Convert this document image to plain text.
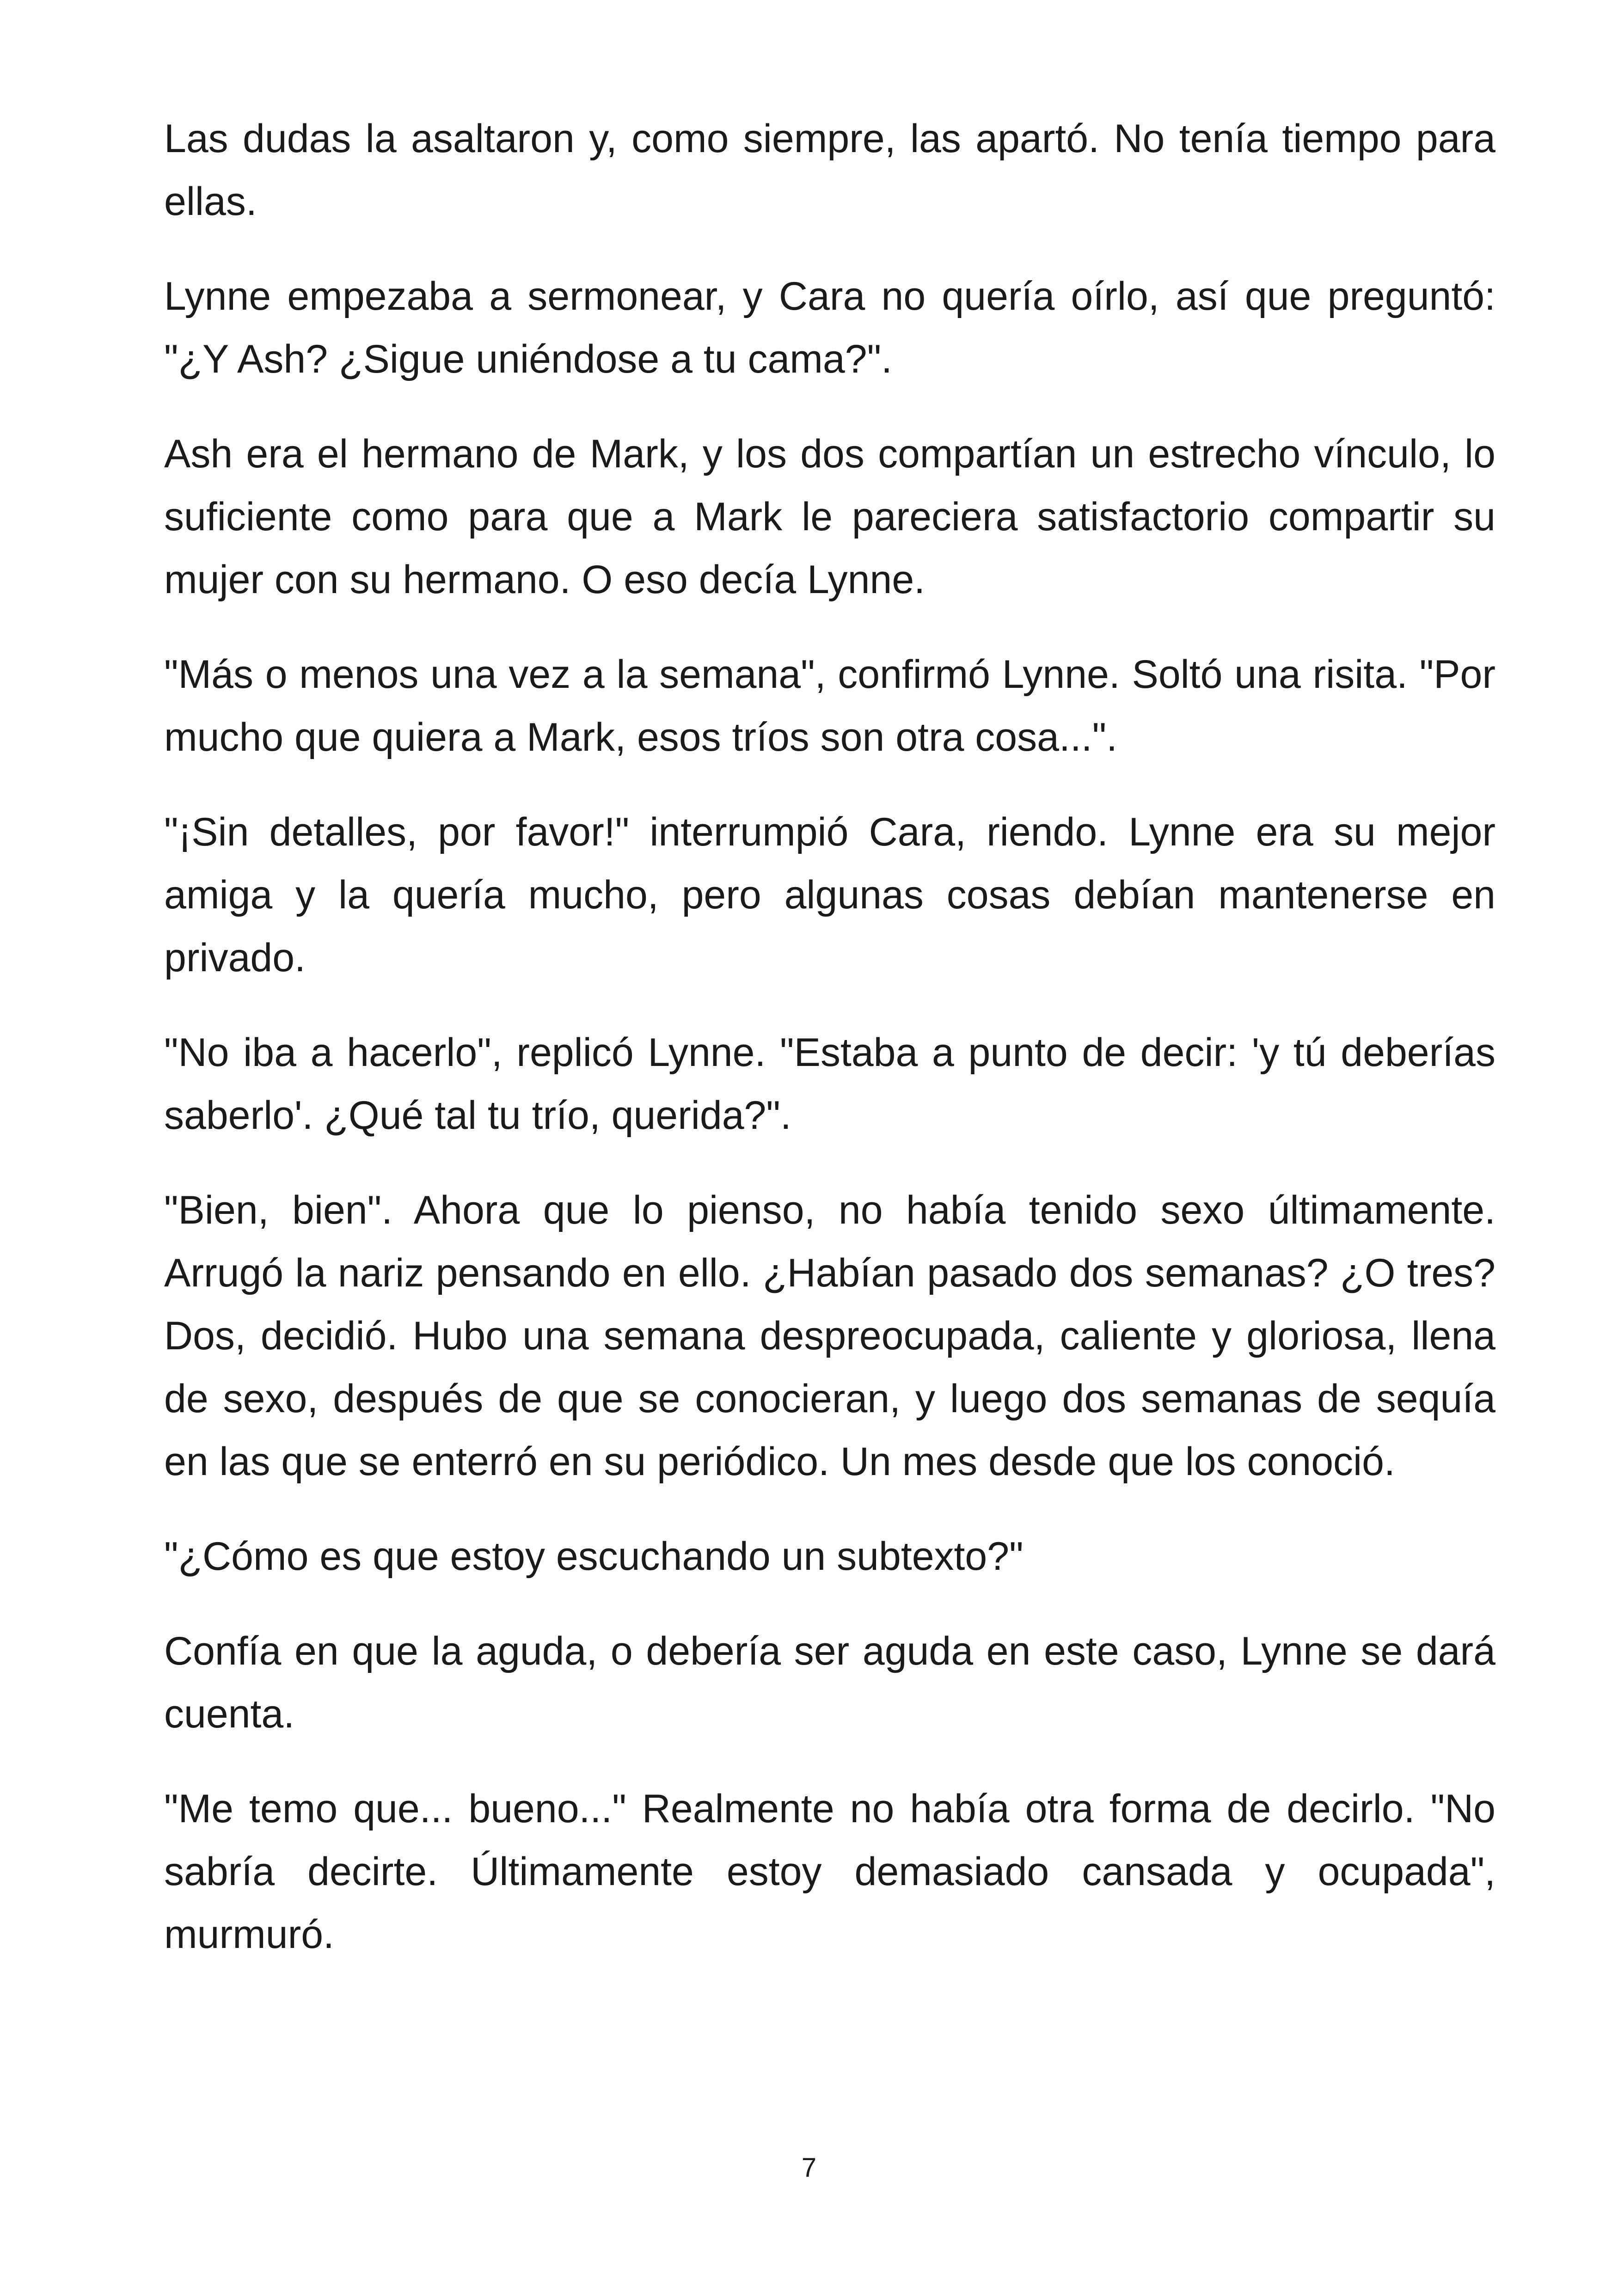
Las dudas la asaltaron y, como siempre, las apartó. No tenía tiempo para ellas.

Lynne empezaba a sermonear, y Cara no quería oírlo, así que preguntó: "¿Y Ash? ¿Sigue uniéndose a tu cama?".

Ash era el hermano de Mark, y los dos compartían un estrecho vínculo, lo suficiente como para que a Mark le pareciera satisfactorio compartir su mujer con su hermano. O eso decía Lynne.

"Más o menos una vez a la semana", confirmó Lynne. Soltó una risita. "Por mucho que quiera a Mark, esos tríos son otra cosa...".

"¡Sin detalles, por favor!" interrumpió Cara, riendo. Lynne era su mejor amiga y la quería mucho, pero algunas cosas debían mantenerse en privado.

"No iba a hacerlo", replicó Lynne. "Estaba a punto de decir: 'y tú deberías saberlo'. ¿Qué tal tu trío, querida?".

"Bien, bien". Ahora que lo pienso, no había tenido sexo últimamente. Arrugó la nariz pensando en ello. ¿Habían pasado dos semanas? ¿O tres? Dos, decidió. Hubo una semana despreocupada, caliente y gloriosa, llena de sexo, después de que se conocieran, y luego dos semanas de sequía en las que se enterró en su periódico. Un mes desde que los conoció.

"¿Cómo es que estoy escuchando un subtexto?"

Confía en que la aguda, o debería ser aguda en este caso, Lynne se dará cuenta.

"Me temo que... bueno..." Realmente no había otra forma de decirlo. "No sabría decirte. Últimamente estoy demasiado cansada y ocupada", murmuró.

7
